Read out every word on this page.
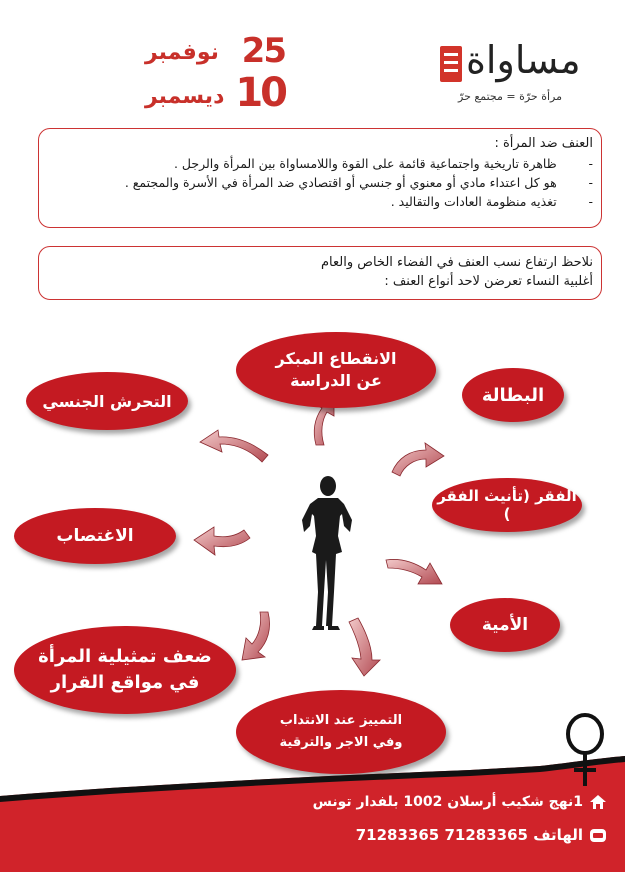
مساواة
مرأة حرّة = مجتمع حرّ
25
10
نوفمبر
ديسمبر
العنف ضد المرأة :
-        ظاهرة تاريخية واجتماعية قائمة على القوة واللامساواة بين المرأة والرجل .
-        هو كل اعتداء مادي أو معنوي أو جنسي أو اقتصادي ضد المرأة في الأسرة والمجتمع .
-        تغذيه منظومة العادات والتقاليد .
نلاحظ ارتفاع نسب العنف في الفضاء الخاص والعام
أغلبية النساء تعرضن لاحد أنواع العنف :
الانقطاع المبكر عن الدراسة
التحرش الجنسي	البطالة
الفقر (تأنيث الفقر )
الاغتصاب
الأمية
ضعف تمثيلية المرأة في مواقع القرار
التمييز عند الانتداب وفي الاجر والترقية
1نهج شكيب أرسلان 1002 بلفدار تونس
الهاتف 71283365 71283365
